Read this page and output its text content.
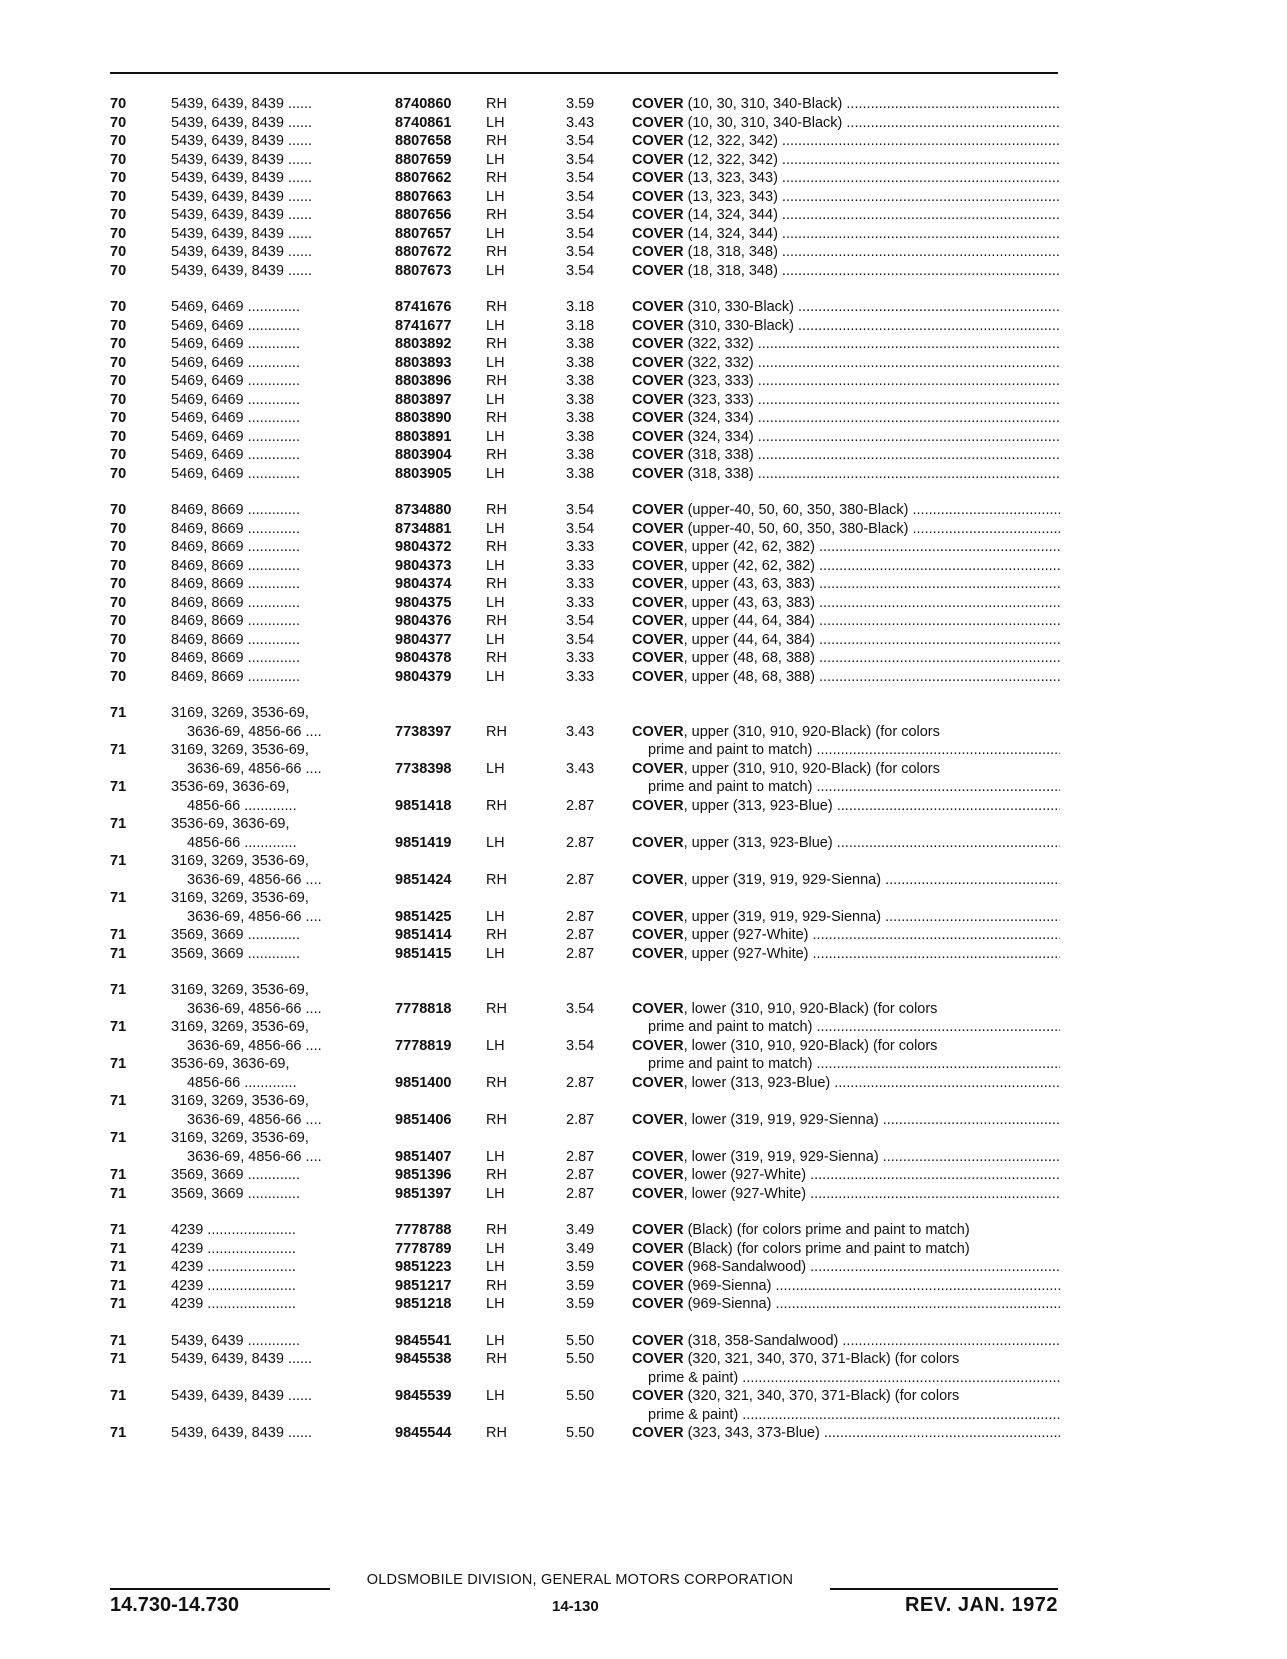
70	5439, 6439, 8439 ......	8740860	RH	3.59	COVER (10, 30, 310, 340-Black) .....
70	5439, 6439, 8439 ......	8740861	LH	3.43	COVER (10, 30, 310, 340-Black) .....
70	5439, 6439, 8439 ......	8807658	RH	3.54	COVER (12, 322, 342) .....
70	5439, 6439, 8439 ......	8807659	LH	3.54	COVER (12, 322, 342) .....
70	5439, 6439, 8439 ......	8807662	RH	3.54	COVER (13, 323, 343) .....
70	5439, 6439, 8439 ......	8807663	LH	3.54	COVER (13, 323, 343) .....
70	5439, 6439, 8439 ......	8807656	RH	3.54	COVER (14, 324, 344) .....
70	5439, 6439, 8439 ......	8807657	LH	3.54	COVER (14, 324, 344) .....
70	5439, 6439, 8439 ......	8807672	RH	3.54	COVER (18, 318, 348) .....
70	5439, 6439, 8439 ......	8807673	LH	3.54	COVER (18, 318, 348) .....
70	5469, 6469 .............	8741676	RH	3.18	COVER (310, 330-Black) .....
70	5469, 6469 .............	8741677	LH	3.18	COVER (310, 330-Black) .....
70	5469, 6469 .............	8803892	RH	3.38	COVER (322, 332) .....
70	5469, 6469 .............	8803893	LH	3.38	COVER (322, 332) .....
70	5469, 6469 .............	8803896	RH	3.38	COVER (323, 333) .....
70	5469, 6469 .............	8803897	LH	3.38	COVER (323, 333) .....
70	5469, 6469 .............	8803890	RH	3.38	COVER (324, 334) .....
70	5469, 6469 .............	8803891	LH	3.38	COVER (324, 334) .....
70	5469, 6469 .............	8803904	RH	3.38	COVER (318, 338) .....
70	5469, 6469 .............	8803905	LH	3.38	COVER (318, 338) .....
70	8469, 8669 .............	8734880	RH	3.54	COVER (upper-40, 50, 60, 350, 380-Black) .....
70	8469, 8669 .............	8734881	LH	3.54	COVER (upper-40, 50, 60, 350, 380-Black) .....
70	8469, 8669 .............	9804372	RH	3.33	COVER, upper (42, 62, 382) .....
70	8469, 8669 .............	9804373	LH	3.33	COVER, upper (42, 62, 382) .....
70	8469, 8669 .............	9804374	RH	3.33	COVER, upper (43, 63, 383) .....
70	8469, 8669 .............	9804375	LH	3.33	COVER, upper (43, 63, 383) .....
70	8469, 8669 .............	9804376	RH	3.54	COVER, upper (44, 64, 384) .....
70	8469, 8669 .............	9804377	LH	3.54	COVER, upper (44, 64, 384) .....
70	8469, 8669 .............	9804378	RH	3.33	COVER, upper (48, 68, 388) .....
70	8469, 8669 .............	9804379	LH	3.33	COVER, upper (48, 68, 388) .....
71	3169, 3269, 3536-69,
3636-69, 4856-66 ....	7738397	RH	3.43	COVER, upper (310, 910, 920-Black) (for colors
prime and paint to match) .....
71	3169, 3269, 3536-69,
3636-69, 4856-66 ....	7738398	LH	3.43	COVER, upper (310, 910, 920-Black) (for colors
prime and paint to match) .....
71	3536-69, 3636-69,
4856-66 .............	9851418	RH	2.87	COVER, upper (313, 923-Blue) .....
71	3536-69, 3636-69,
4856-66 .............	9851419	LH	2.87	COVER, upper (313, 923-Blue) .....
71	3169, 3269, 3536-69,
3636-69, 4856-66 ....	9851424	RH	2.87	COVER, upper (319, 919, 929-Sienna) .....
71	3169, 3269, 3536-69,
3636-69, 4856-66 ....	9851425	LH	2.87	COVER, upper (319, 919, 929-Sienna) .....
71	3569, 3669 .............	9851414	RH	2.87	COVER, upper (927-White) .....
71	3569, 3669 .............	9851415	LH	2.87	COVER, upper (927-White) .....
71	3169, 3269, 3536-69,
3636-69, 4856-66 ....	7778818	RH	3.54	COVER, lower (310, 910, 920-Black) (for colors
prime and paint to match) .....
71	3169, 3269, 3536-69,
3636-69, 4856-66 ....	7778819	LH	3.54	COVER, lower (310, 910, 920-Black) (for colors
prime and paint to match) .....
71	3536-69, 3636-69,
4856-66 .............	9851400	RH	2.87	COVER, lower (313, 923-Blue) .....
71	3169, 3269, 3536-69,
3636-69, 4856-66 ....	9851406	RH	2.87	COVER, lower (319, 919, 929-Sienna) .....
71	3169, 3269, 3536-69,
3636-69, 4856-66 ....	9851407	LH	2.87	COVER, lower (319, 919, 929-Sienna) .....
71	3569, 3669 .............	9851396	RH	2.87	COVER, lower (927-White) .....
71	3569, 3669 .............	9851397	LH	2.87	COVER, lower (927-White) .....
71	4239 ......................	7778788	RH	3.49	COVER (Black) (for colors prime and paint to match)
71	4239 ......................	7778789	LH	3.49	COVER (Black) (for colors prime and paint to match)
71	4239 ......................	9851223	LH	3.59	COVER (968-Sandalwood) .....
71	4239 ......................	9851217	RH	3.59	COVER (969-Sienna) .....
71	4239 ......................	9851218	LH	3.59	COVER (969-Sienna) .....
71	5439, 6439 .............	9845541	LH	5.50	COVER (318, 358-Sandalwood) .....
71	5439, 6439, 8439 ......	9845538	RH	5.50	COVER (320, 321, 340, 370, 371-Black) (for colors
prime & paint) .....
71	5439, 6439, 8439 ......	9845539	LH	5.50	COVER (320, 321, 340, 370, 371-Black) (for colors
prime & paint) .....
71	5439, 6439, 8439 ......	9845544	RH	5.50	COVER (323, 343, 373-Blue) .....
OLDSMOBILE DIVISION, GENERAL MOTORS CORPORATION
14.730-14.730	14-130	REV. JAN. 1972
